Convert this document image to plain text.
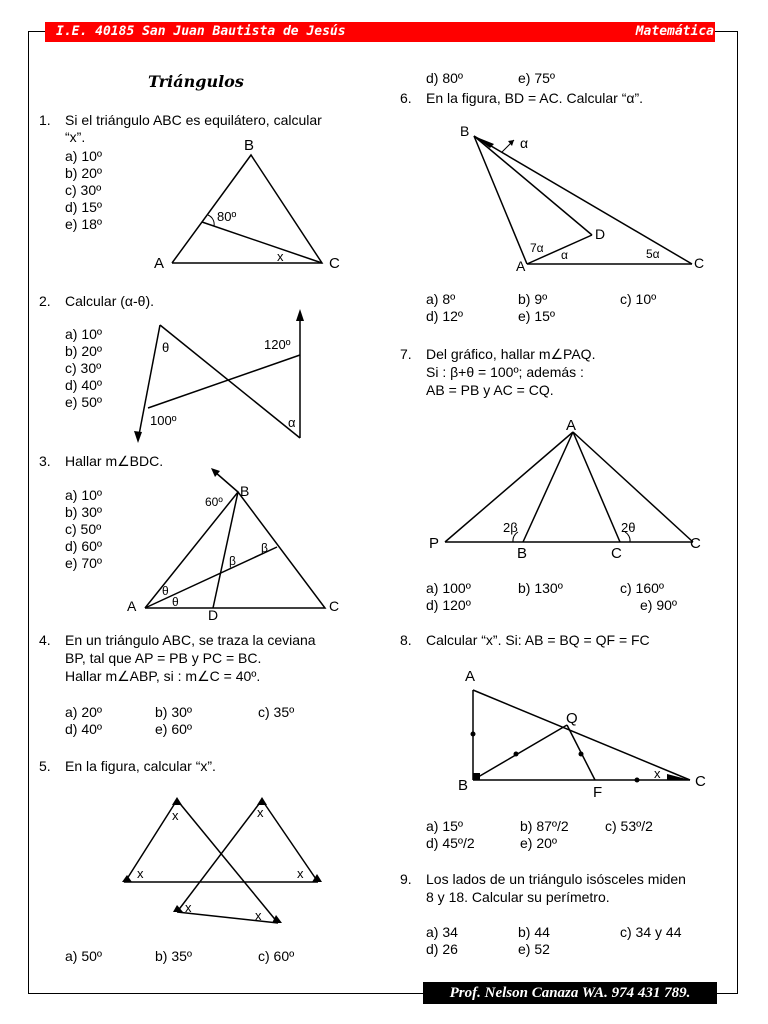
I.E. 40185 San Juan Bautista de Jesús	Matemática
Triángulos
1. Si el triángulo ABC es equilátero, calcular
“x”.
a) 10º
b) 20º
c) 30º
d) 15º
e) 18º
B
A	C
80º
x
2. Calcular (α-θ).
a) 10º
b) 20º
c) 30º
d) 40º
e) 50º
θ	120º
100º	α
3. Hallar m∠BDC.
a) 10º
b) 30º
c) 50º
d) 60º
e) 70º
60º
B
β
β
θ
θ
A
D
C
4. En un triángulo ABC, se traza la ceviana
BP, tal que AP = PB y PC = BC.
Hallar m∠ABP, si : m∠C = 40º.
a) 20º	b) 30º	c) 35º
d) 40º	e) 60º
5. En la figura, calcular “x”.
x	x
x	x
x
x
a) 50º	b) 35º	c) 60º
d) 80º	e) 75º
6. En la figura, BD = AC. Calcular “α”.
B
α
D
7α α
A
5α
C
a) 8º	b) 9º	c) 10º
d) 12º	e) 15º
7. Del gráfico, hallar m∠PAQ.
Si : β+θ = 100º; además :
AB = PB y AC = CQ.
A
P
B	C
C
2β	2θ
a) 100º	b) 130º	c) 160º
d) 120º	e) 90º
8. Calcular “x”. Si: AB = BQ = QF = FC
A
Q
B	F
C
x
a) 15º	b) 87º/2	c) 53º/2
d) 45º/2	e) 20º
9. Los lados de un triángulo isósceles miden
8 y 18. Calcular su perímetro.
a) 34	b) 44	c) 34 y 44
d) 26	e) 52
Prof. Nelson Canaza WA. 974 431 789.
